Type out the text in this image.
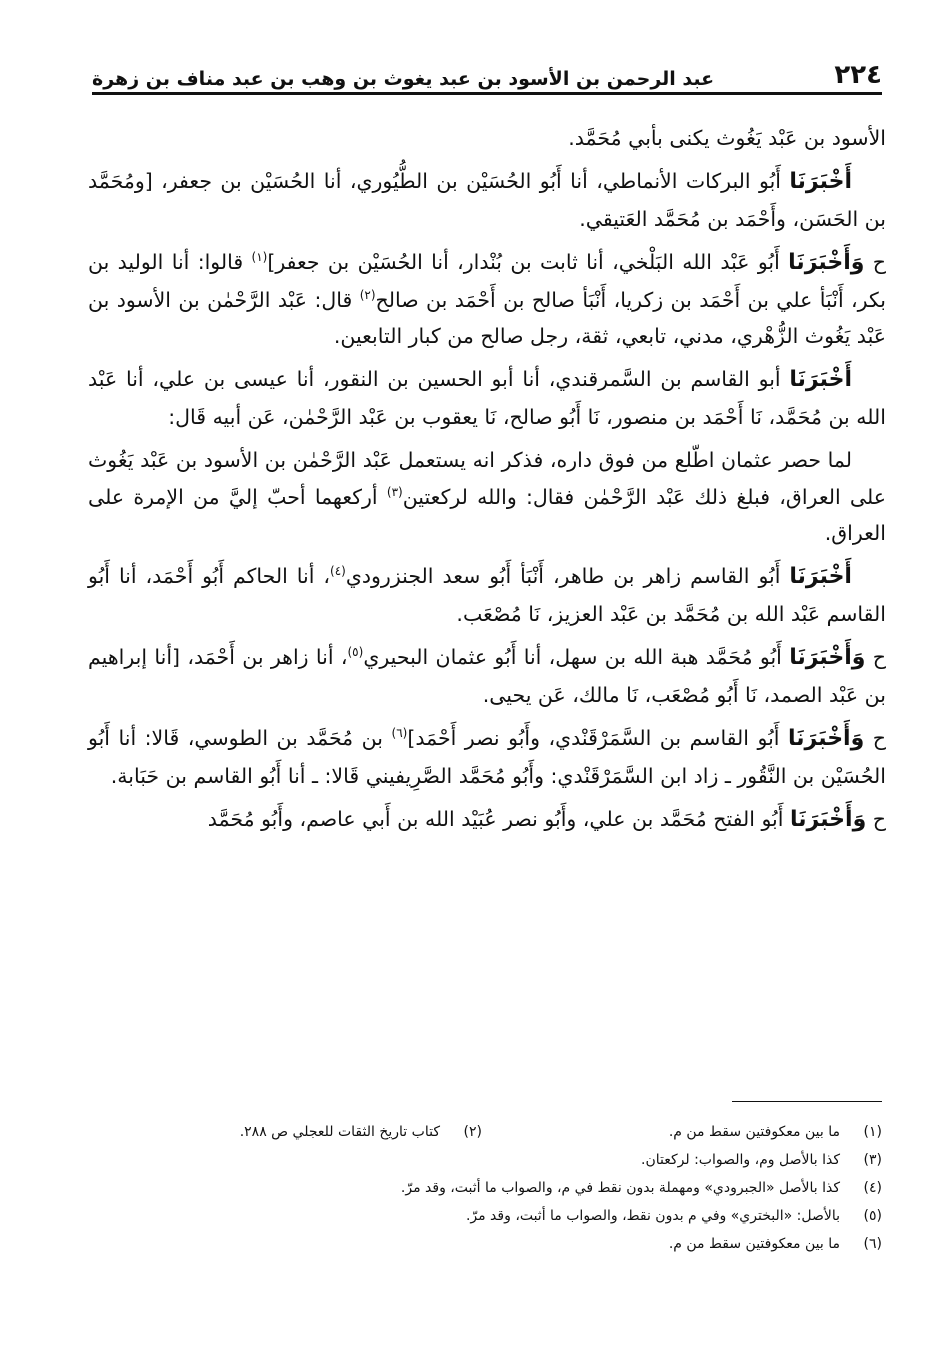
٢٢٤
عبد الرحمن بن الأسود بن عبد يغوث بن وهب بن عبد مناف بن زهرة

الأسود بن عَبْد يَغُوث يكنى بأبي مُحَمَّد.

أَخْبَرَنَا أَبُو البركات الأنماطي، أنا أَبُو الحُسَيْن بن الطُّيُوري، أنا الحُسَيْن بن جعفر، [ومُحَمَّد بن الحَسَن، وأَحْمَد بن مُحَمَّد العَتيقي.

ح وَأَخْبَرَنَا أَبُو عَبْد الله البَلْخي، أنا ثابت بن بُنْدار، أنا الحُسَيْن بن جعفر]$^{(١)}$ قالوا: أنا الوليد بن بكر، أَنْبَأ علي بن أَحْمَد بن زكريا، أَنْبَأ صالح بن أَحْمَد بن صالح$^{(٢)}$ قال: عَبْد الرَّحْمٰن بن الأسود بن عَبْد يَغُوث الزُّهْري، مدني، تابعي، ثقة، رجل صالح من كبار التابعين.

أَخْبَرَنَا أبو القاسم بن السَّمرقندي، أنا أبو الحسين بن النقور، أنا عيسى بن علي، أنا عَبْد الله بن مُحَمَّد، نَا أَحْمَد بن منصور، نَا أَبُو صالح، نَا يعقوب بن عَبْد الرَّحْمٰن، عَن أبيه قَال:

لما حصر عثمان اطّلع من فوق داره، فذكر انه يستعمل عَبْد الرَّحْمٰن بن الأسود بن عَبْد يَغُوث على العراق، فبلغ ذلك عَبْد الرَّحْمٰن فقال: والله لركعتين$^{(٣)}$ أركعهما أحبّ إليَّ من الإمرة على العراق.

أَخْبَرَنَا أَبُو القاسم زاهر بن طاهر، أَنْبَأ أَبُو سعد الجنزرودي$^{(٤)}$، أنا الحاكم أَبُو أَحْمَد، أنا أَبُو القاسم عَبْد الله بن مُحَمَّد بن عَبْد العزيز، نَا مُصْعَب.

ح وَأَخْبَرَنَا أَبُو مُحَمَّد هبة الله بن سهل، أنا أَبُو عثمان البحيري$^{(٥)}$، أنا زاهر بن أَحْمَد، [أنا إبراهيم بن عَبْد الصمد، نَا أَبُو مُصْعَب، نَا مالك، عَن يحيى.

ح وَأَخْبَرَنَا أَبُو القاسم بن السَّمَرْقَنْدي، وأَبُو نصر أَحْمَد]$^{(٦)}$ بن مُحَمَّد بن الطوسي، قَالا: أنا أَبُو الحُسَيْن بن النَّقُور ـ زاد ابن السَّمَرْقَنْدي: وأَبُو مُحَمَّد الصَّرِيفيني قَالا: ـ أنا أَبُو القاسم بن حَبَابة.

ح وَأَخْبَرَنَا أَبُو الفتح مُحَمَّد بن علي، وأَبُو نصر عُبَيْد الله بن أَبي عاصم، وأَبُو مُحَمَّد

(١)
ما بين معكوفتين سقط من م.
(٢)
كتاب تاريخ الثقات للعجلي ص ٢٨٨.
(٣)
كذا بالأصل وم، والصواب: لركعتان.
(٤)
كذا بالأصل «الجبرودي» ومهملة بدون نقط في م، والصواب ما أثبت، وقد مرّ.
(٥)
بالأصل: «البختري» وفي م بدون نقط، والصواب ما أثبت، وقد مرّ.
(٦)
ما بين معكوفتين سقط من م.
